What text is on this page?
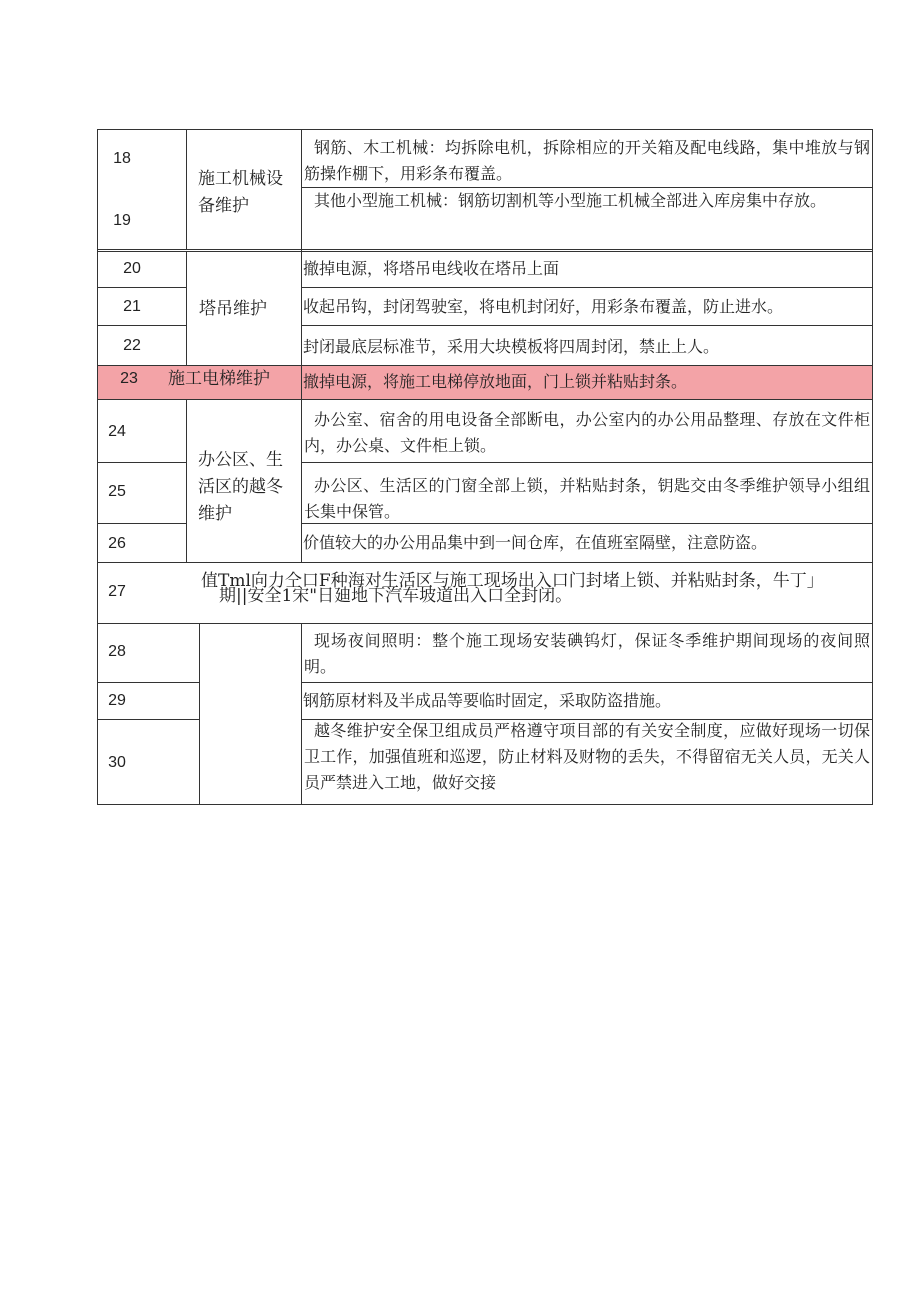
18
19
20
21
22
23
24
25
26
27
28
29
30
施工机械设备维护
塔吊维护
施工电梯维护
办公区、生活区的越冬维护
钢筋、木工机械：均拆除电机，拆除相应的开关箱及配电线路，集中堆放与钢筋操作棚下，用彩条布覆盖。
其他小型施工机械：钢筋切割机等小型施工机械全部进入库房集中存放。
撤掉电源，将塔吊电线收在塔吊上面
收起吊钩，封闭驾驶室，将电机封闭好，用彩条布覆盖，防止进水。
封闭最底层标准节，采用大块模板将四周封闭，禁止上人。
撤掉电源，将施工电梯停放地面，门上锁并粘贴封条。
办公室、宿舍的用电设备全部断电，办公室内的办公用品整理、存放在文件柜内，办公桌、文件柜上锁。
办公区、生活区的门窗全部上锁，并粘贴封条，钥匙交由冬季维护领导小组组长集中保管。
价值较大的办公用品集中到一间仓库，在值班室隔壁，注意防盗。
值Tml向力仝口F种海对生活区与施工现场出入口门封堵上锁、并粘贴封条，牛丁」
期||安全1宋"日廸地下汽车坡道出入口全封闭。
现场夜间照明：整个施工现场安装碘钨灯，保证冬季维护期间现场的夜间照明。
钢筋原材料及半成品等要临时固定，采取防盗措施。
越冬维护安全保卫组成员严格遵守项目部的有关安全制度，应做好现场一切保卫工作，加强值班和巡逻，防止材料及财物的丢失，不得留宿无关人员，无关人员严禁进入工地，做好交接
